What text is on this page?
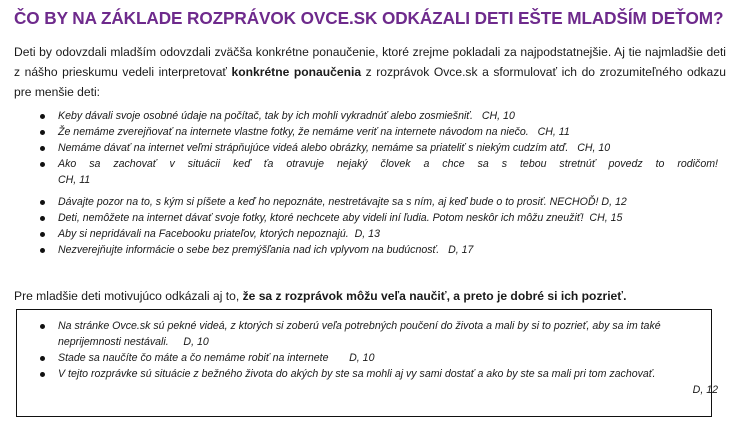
ČO BY NA ZÁKLADE ROZPRÁVOK OVCE.SK ODKÁZALI DETI EŠTE MLADŠÍM DEŤOM?

Deti by odovzdali mladším odovzdali zväčša konkrétne ponaučenie, ktoré zrejme pokladali za najpodstatnejšie. Aj tie najmladšie deti z nášho prieskumu vedeli interpretovať konkrétne ponaučenia z rozprávok Ovce.sk a sformulovať ich do zrozumiteľného odkazu pre menšie deti:

Keby dávali svoje osobné údaje na počítač, tak by ich mohli vykradnúť alebo zosmiešniť. CH, 10
Že nemáme zverejňovať na internete vlastne fotky, že nemáme veriť na internete návodom na niečo. CH, 11
Nemáme dávať na internet veľmi strápňujúce videá alebo obrázky, nemáme sa priateliť s niekým cudzím atď. CH, 10
Ako sa zachovať v situácii keď ťa otravuje nejaký človek a chce sa s tebou stretnúť povedz to rodičom!
CH, 11
Dávajte pozor na to, s kým si píšete a keď ho nepoznáte, nestretávajte sa s ním, aj keď bude o to prosiť. NECHOĎ! D, 12
Deti, nemôžete na internet dávať svoje fotky, ktoré nechcete aby videli iní ľudia. Potom neskôr ich môžu zneužiť! CH, 15
Aby si nepridávali na Facebooku priateľov, ktorých nepoznajú. D, 13
Nezverejňujte informácie o sebe bez premýšľania nad ich vplyvom na budúcnosť. D, 17
Pre mladšie deti motivujúco odkázali aj to, že sa z rozprávok môžu veľa naučiť, a preto je dobré si ich pozrieť.
Na stránke Ovce.sk sú pekné videá, z ktorých si zoberú veľa potrebných poučení do života a mali by si to pozrieť, aby sa im také neprijemnosti nestávali. D, 10
Stade sa naučíte čo máte a čo nemáme robiť na internete D, 10
V tejto rozprávke sú situácie z bežného života do akých by ste sa mohli aj vy sami dostať a ako by ste sa mali pri tom zachovať.
D, 12
